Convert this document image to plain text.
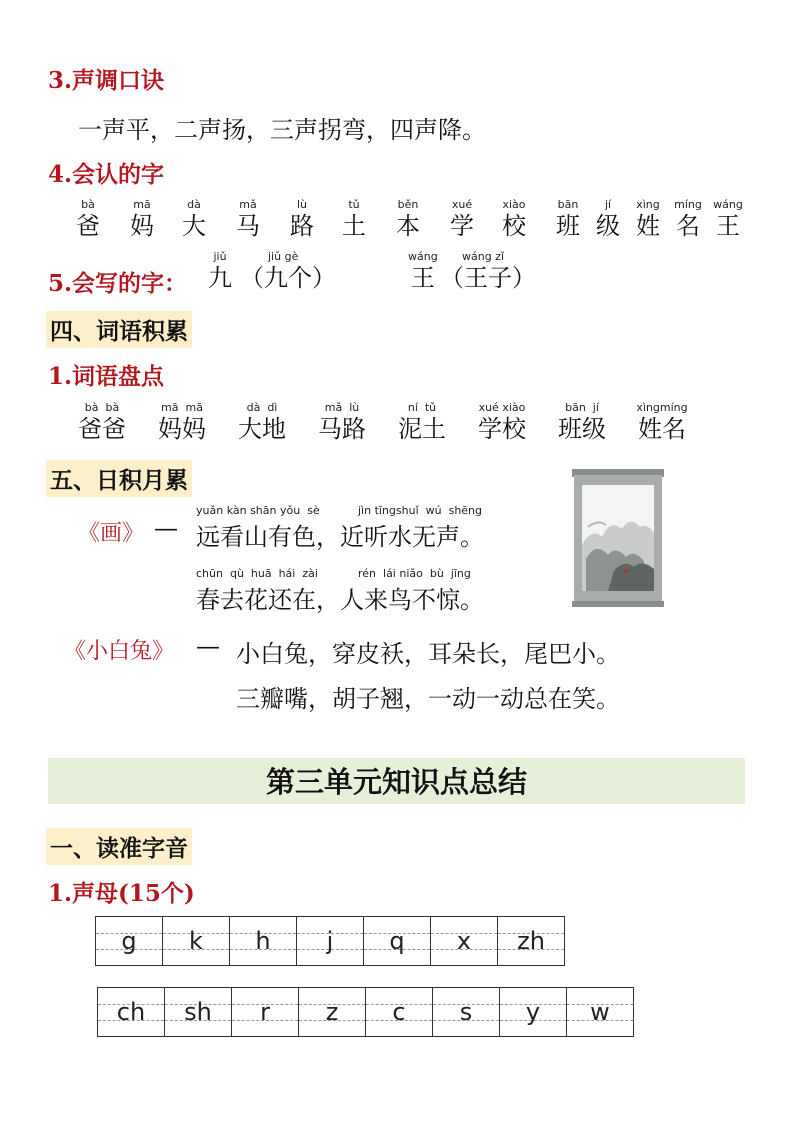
3.声调口诀
一声平，二声扬，三声拐弯，四声降。
4.会认的字
bà
爸
mā
妈
dà
大
mǎ
马
lù
路
tǔ
土
běn
本
xué
学
xiào
校
bān
班
jí
级
xìng
姓
míng
名
wáng
王
5.会写的字：
jiǔ
九
jiǔ gè
（九个）
wáng
王
wáng zǐ
（王子）
四、词语积累
1.词语盘点
bà  bà
爸爸
mā  mā
妈妈
dà  dì
大地
mǎ  lù
马路
ní  tǔ
泥土
xué xiào
学校
bān  jí
班级
xìngmíng
姓名
五、日积月累
《画》 —
yuǎn kàn shān yǒu  sè	jìn tīngshuǐ  wú  shēng
远看山有色，近听水无声。
chūn  qù  huā  hái  zài	rén  lái niǎo  bù  jīng
春去花还在，人来鸟不惊。
《小白兔》 — 小白兔，穿皮袄，耳朵长，尾巴小。
三瓣嘴，胡子翘，一动一动总在笑。
第三单元知识点总结
一、读准字音
1.声母(15个)
g k h j q x zh
ch sh r z c s y w
